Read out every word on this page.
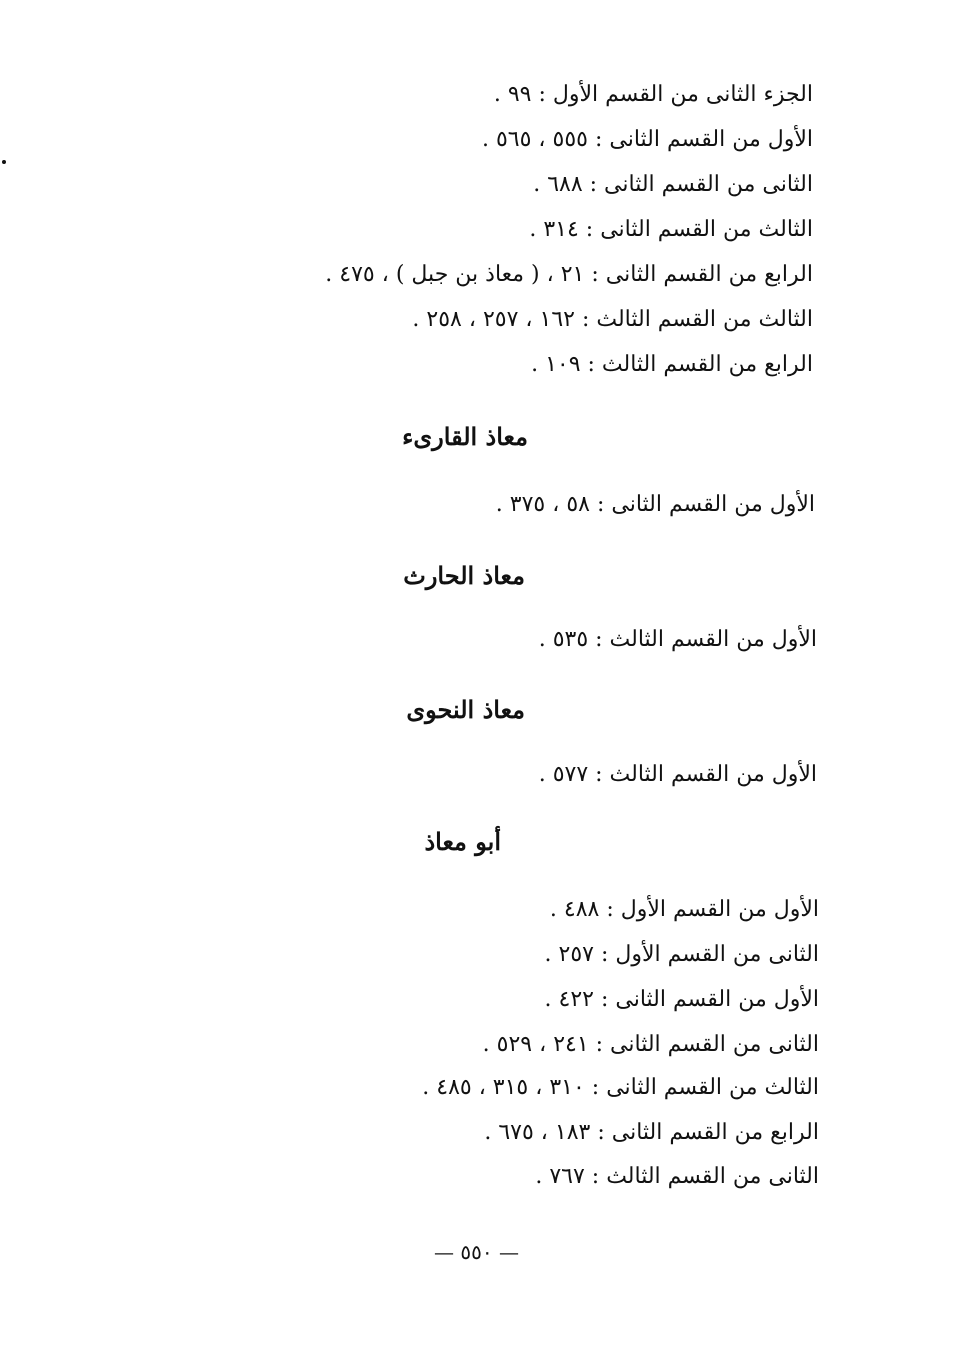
الجزء الثانى من القسم الأول : ٩٩ .
الأول من القسم الثانى : ٥٥٥ ، ٥٦٥ .
الثانى من القسم الثانى : ٦٨٨ .
الثالث من القسم الثانى : ٣١٤ .
الرابع من القسم الثانى : ٢١ ، ( معاذ بن جبل ) ، ٤٧٥ .
الثالث من القسم الثالث : ١٦٢ ، ٢٥٧ ، ٢٥٨ .
الرابع من القسم الثالث : ١٠٩ .
معاذ القارىء
الأول من القسم الثانى : ٥٨ ، ٣٧٥ .
معاذ الحارث
الأول من القسم الثالث : ٥٣٥ .
معاذ النحوى
الأول من القسم الثالث : ٥٧٧ .
أبو معاذ
الأول من القسم الأول : ٤٨٨ .
الثانى من القسم الأول : ٢٥٧ .
الأول من القسم الثانى : ٤٢٢ .
الثانى من القسم الثانى : ٢٤١ ، ٥٢٩ .
الثالث من القسم الثانى : ٣١٠ ، ٣١٥ ، ٤٨٥ .
الرابع من القسم الثانى : ١٨٣ ، ٦٧٥ .
الثانى من القسم الثالث : ٧٦٧ .
— ٥٥٠ —
